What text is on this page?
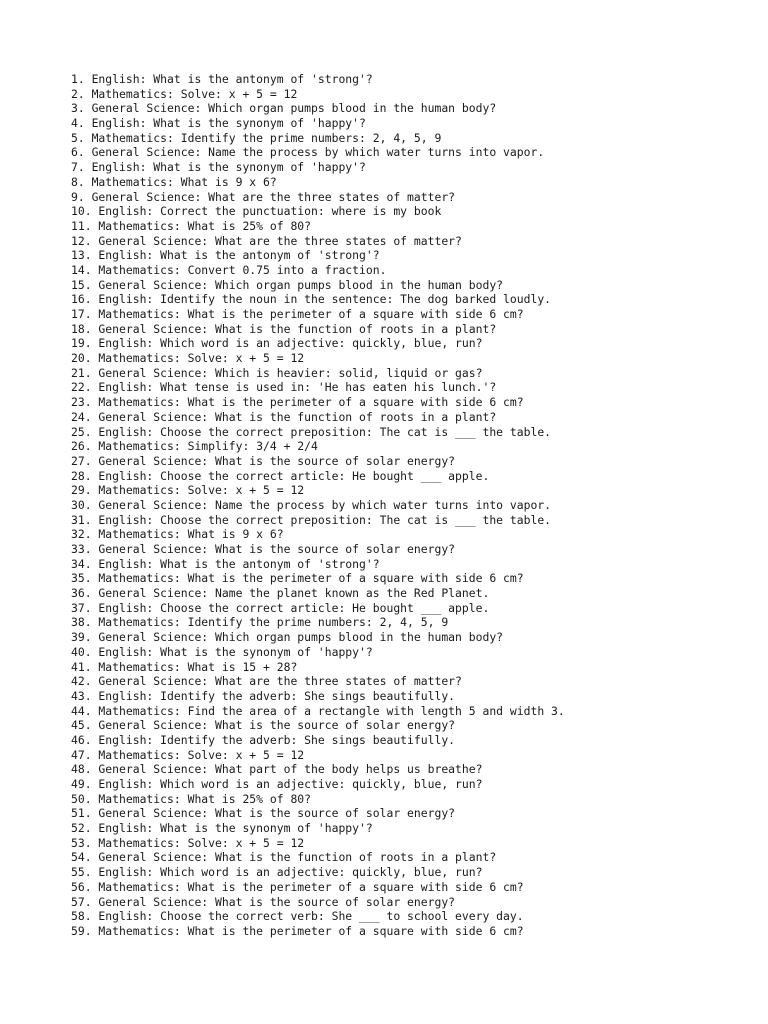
1. English: What is the antonym of 'strong'?
2. Mathematics: Solve: x + 5 = 12
3. General Science: Which organ pumps blood in the human body?
4. English: What is the synonym of 'happy'?
5. Mathematics: Identify the prime numbers: 2, 4, 5, 9
6. General Science: Name the process by which water turns into vapor.
7. English: What is the synonym of 'happy'?
8. Mathematics: What is 9 x 6?
9. General Science: What are the three states of matter?
10. English: Correct the punctuation: where is my book
11. Mathematics: What is 25% of 80?
12. General Science: What are the three states of matter?
13. English: What is the antonym of 'strong'?
14. Mathematics: Convert 0.75 into a fraction.
15. General Science: Which organ pumps blood in the human body?
16. English: Identify the noun in the sentence: The dog barked loudly.
17. Mathematics: What is the perimeter of a square with side 6 cm?
18. General Science: What is the function of roots in a plant?
19. English: Which word is an adjective: quickly, blue, run?
20. Mathematics: Solve: x + 5 = 12
21. General Science: Which is heavier: solid, liquid or gas?
22. English: What tense is used in: 'He has eaten his lunch.'?
23. Mathematics: What is the perimeter of a square with side 6 cm?
24. General Science: What is the function of roots in a plant?
25. English: Choose the correct preposition: The cat is ___ the table.
26. Mathematics: Simplify: 3/4 + 2/4
27. General Science: What is the source of solar energy?
28. English: Choose the correct article: He bought ___ apple.
29. Mathematics: Solve: x + 5 = 12
30. General Science: Name the process by which water turns into vapor.
31. English: Choose the correct preposition: The cat is ___ the table.
32. Mathematics: What is 9 x 6?
33. General Science: What is the source of solar energy?
34. English: What is the antonym of 'strong'?
35. Mathematics: What is the perimeter of a square with side 6 cm?
36. General Science: Name the planet known as the Red Planet.
37. English: Choose the correct article: He bought ___ apple.
38. Mathematics: Identify the prime numbers: 2, 4, 5, 9
39. General Science: Which organ pumps blood in the human body?
40. English: What is the synonym of 'happy'?
41. Mathematics: What is 15 + 28?
42. General Science: What are the three states of matter?
43. English: Identify the adverb: She sings beautifully.
44. Mathematics: Find the area of a rectangle with length 5 and width 3.
45. General Science: What is the source of solar energy?
46. English: Identify the adverb: She sings beautifully.
47. Mathematics: Solve: x + 5 = 12
48. General Science: What part of the body helps us breathe?
49. English: Which word is an adjective: quickly, blue, run?
50. Mathematics: What is 25% of 80?
51. General Science: What is the source of solar energy?
52. English: What is the synonym of 'happy'?
53. Mathematics: Solve: x + 5 = 12
54. General Science: What is the function of roots in a plant?
55. English: Which word is an adjective: quickly, blue, run?
56. Mathematics: What is the perimeter of a square with side 6 cm?
57. General Science: What is the source of solar energy?
58. English: Choose the correct verb: She ___ to school every day.
59. Mathematics: What is the perimeter of a square with side 6 cm?
